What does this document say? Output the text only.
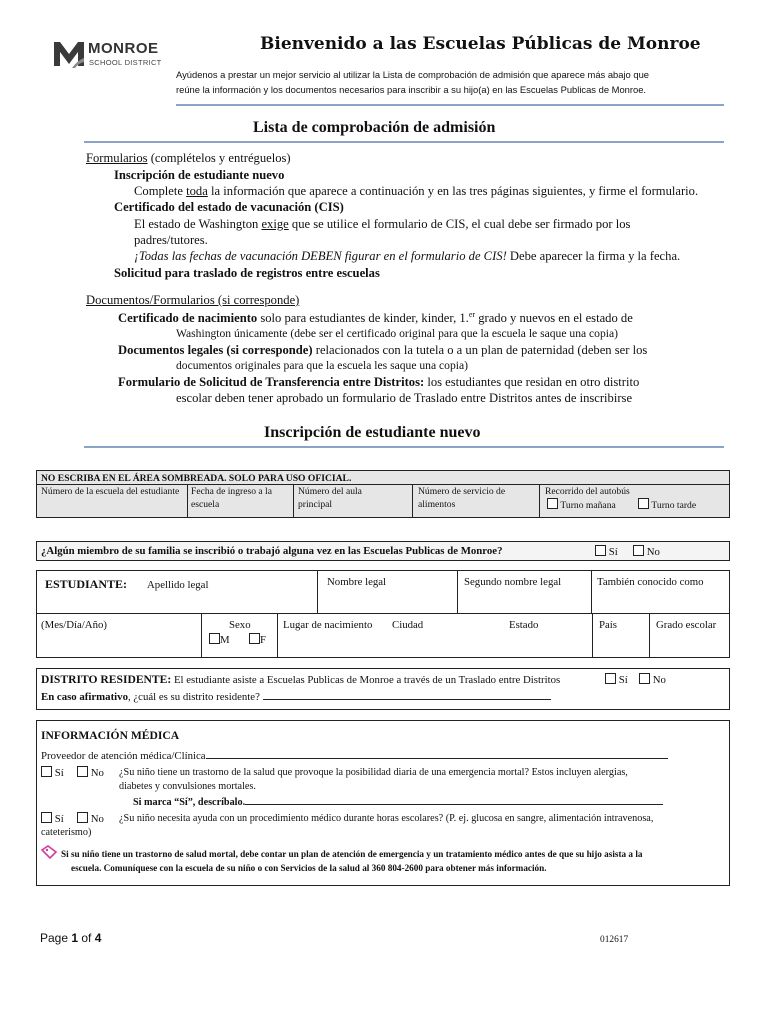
MONROE
SCHOOL DISTRICT
Bienvenido a las Escuelas Públicas de Monroe
Ayúdenos a prestar un mejor servicio al utilizar la Lista de comprobación de admisión que aparece más abajo que
reúne la información y los documentos necesarios para inscribir a su hijo(a) en las Escuelas Publicas de Monroe.
Lista de comprobación de admisión
Formularios (complételos y entréguelos)
Inscripción de estudiante nuevo
Complete toda la información que aparece a continuación y en las tres páginas siguientes, y firme el formulario.
Certificado del estado de vacunación (CIS)
El estado de Washington exige que se utilice el formulario de CIS, el cual debe ser firmado por los
padres/tutores.
¡Todas las fechas de vacunación DEBEN figurar en el formulario de CIS! Debe aparecer la firma y la fecha.
Solicitud para traslado de registros entre escuelas
Documentos/Formularios (si corresponde)
Certificado de nacimiento solo para estudiantes de kinder, kinder, 1.$^{er}$ grado y nuevos en el estado de
Washington únicamente (debe ser el certificado original para que la escuela le saque una copia)
Documentos legales (si corresponde) relacionados con la tutela o a un plan de paternidad (deben ser los
documentos originales para que la escuela les saque una copia)
Formulario de Solicitud de Transferencia entre Distritos: los estudiantes que residan en otro distrito
escolar deben tener aprobado un formulario de Traslado entre Distritos antes de inscribirse
Inscripción de estudiante nuevo
NO ESCRIBA EN EL ÁREA SOMBREADA. SOLO PARA USO OFICIAL.
Número de la escuela del estudiante Fecha de ingreso a la escuela
Número del aula principal
Número de servicio de alimentos
Recorrido del autobús
Turno mañana	Turno tarde
¿Algún miembro de su familia se inscribió o trabajó alguna vez en las Escuelas Publicas de Monroe?	Sí	No
ESTUDIANTE: Apellido legal	Nombre legal	Segundo nombre legal	También conocido como
(Mes/Día/Año)	Sexo
M	F
Lugar de nacimiento Ciudad	Estado	País	Grado escolar
DISTRITO RESIDENTE: El estudiante asiste a Escuelas Publicas de Monroe a través de un Traslado entre Distritos	Sí	No
En caso afirmativo, ¿cuál es su distrito residente?
INFORMACIÓN MÉDICA
Proveedor de atención médica/Clínica
Sí	No ¿Su niño tiene un trastorno de la salud que provoque la posibilidad diaria de una emergencia mortal? Estos incluyen alergias,
diabetes y convulsiones mortales.
Si marca “Sí”, descríbalo.
Sí	No ¿Su niño necesita ayuda con un procedimiento médico durante horas escolares? (P. ej. glucosa en sangre, alimentación intravenosa,
cateterismo)
Si su niño tiene un trastorno de salud mortal, debe contar un plan de atención de emergencia y un tratamiento médico antes de que su hijo asista a la
escuela. Comuníquese con la escuela de su niño o con Servicios de la salud al 360 804-2600 para obtener más información.
Page 1 of 4	012617
